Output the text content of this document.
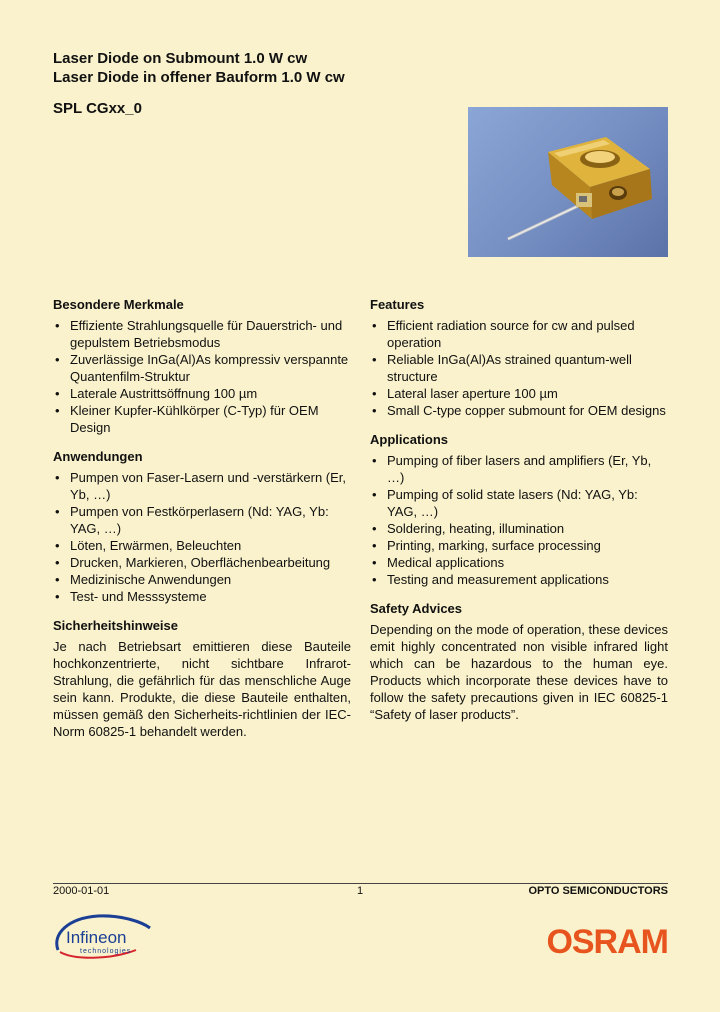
Laser Diode on Submount 1.0 W cw
Laser Diode in offener Bauform 1.0 W cw
SPL CGxx_0
Besondere Merkmale
• Effiziente Strahlungsquelle für Dauerstrich- und gepulstem Betriebsmodus
• Zuverlässige InGa(Al)As kompressiv verspannte Quantenfilm-Struktur
• Laterale Austrittsöffnung 100 µm
• Kleiner Kupfer-Kühlkörper (C-Typ) für OEM Design
Anwendungen
• Pumpen von Faser-Lasern und -verstärkern (Er, Yb, …)
• Pumpen von Festkörperlasern (Nd: YAG, Yb: YAG, …)
• Löten, Erwärmen, Beleuchten
• Drucken, Markieren, Oberflächenbearbeitung
• Medizinische Anwendungen
• Test- und Messsysteme
Sicherheitshinweise

Je nach Betriebsart emittieren diese Bauteile hochkonzentrierte, nicht sichtbare Infrarot-Strahlung, die gefährlich für das menschliche Auge sein kann. Produkte, die diese Bauteile enthalten, müssen gemäß den Sicherheits-richtlinien der IEC-Norm 60825-1 behandelt werden.

Features
• Efficient radiation source for cw and pulsed operation
• Reliable InGa(Al)As strained quantum-well structure
• Lateral laser aperture 100 µm
• Small C-type copper submount for OEM designs
Applications
• Pumping of fiber lasers and amplifiers (Er, Yb, …)
• Pumping of solid state lasers (Nd: YAG, Yb: YAG, …)
• Soldering, heating, illumination
• Printing, marking, surface processing
• Medical applications
• Testing and measurement applications
Safety Advices

Depending on the mode of operation, these devices emit highly concentrated non visible infrared light which can be hazardous to the human eye. Products which incorporate these devices have to follow the safety precautions given in IEC 60825-1 “Safety of laser products”.

2000-01-01	1	OPTO SEMICONDUCTORS
Infineon
technologies	OSRAM
